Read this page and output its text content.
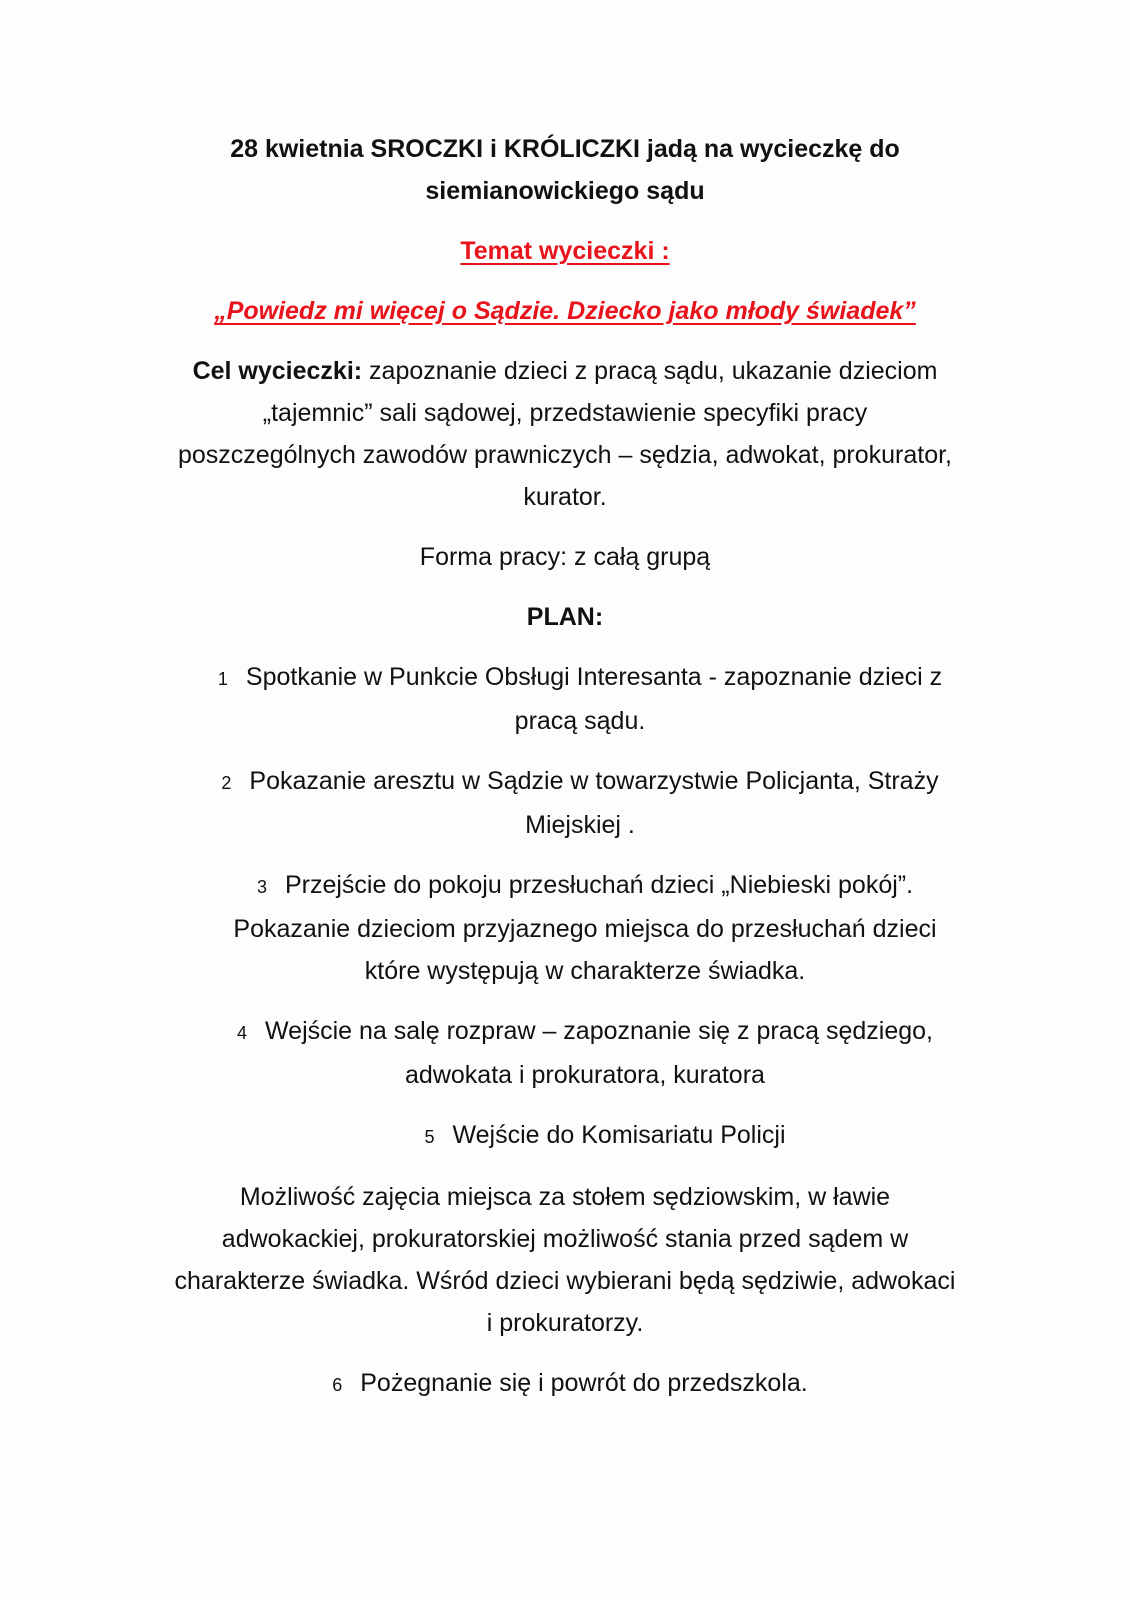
28 kwietnia SROCZKI i KRÓLICZKI jadą na wycieczkę do
siemianowickiego sądu

Temat wycieczki :

„Powiedz mi więcej o Sądzie. Dziecko jako młody świadek”

Cel wycieczki: zapoznanie dzieci z pracą sądu, ukazanie dzieciom
„tajemnic” sali sądowej, przedstawienie specyfiki pracy
poszczególnych zawodów prawniczych – sędzia, adwokat, prokurator,
kurator.

Forma pracy: z całą grupą

PLAN:

1 Spotkanie w Punkcie Obsługi Interesanta - zapoznanie dzieci z
pracą sądu.
2 Pokazanie aresztu w Sądzie w towarzystwie Policjanta, Straży
Miejskiej .
3 Przejście do pokoju przesłuchań dzieci „Niebieski pokój”.
Pokazanie dzieciom przyjaznego miejsca do przesłuchań dzieci
które występują w charakterze świadka.
4 Wejście na salę rozpraw – zapoznanie się z pracą sędziego,
adwokata i prokuratora, kuratora
5 Wejście do Komisariatu Policji
Możliwość zajęcia miejsca za stołem sędziowskim, w ławie
adwokackiej, prokuratorskiej możliwość stania przed sądem w
charakterze świadka. Wśród dzieci wybierani będą sędziwie, adwokaci
i prokuratorzy.
6 Pożegnanie się i powrót do przedszkola.
